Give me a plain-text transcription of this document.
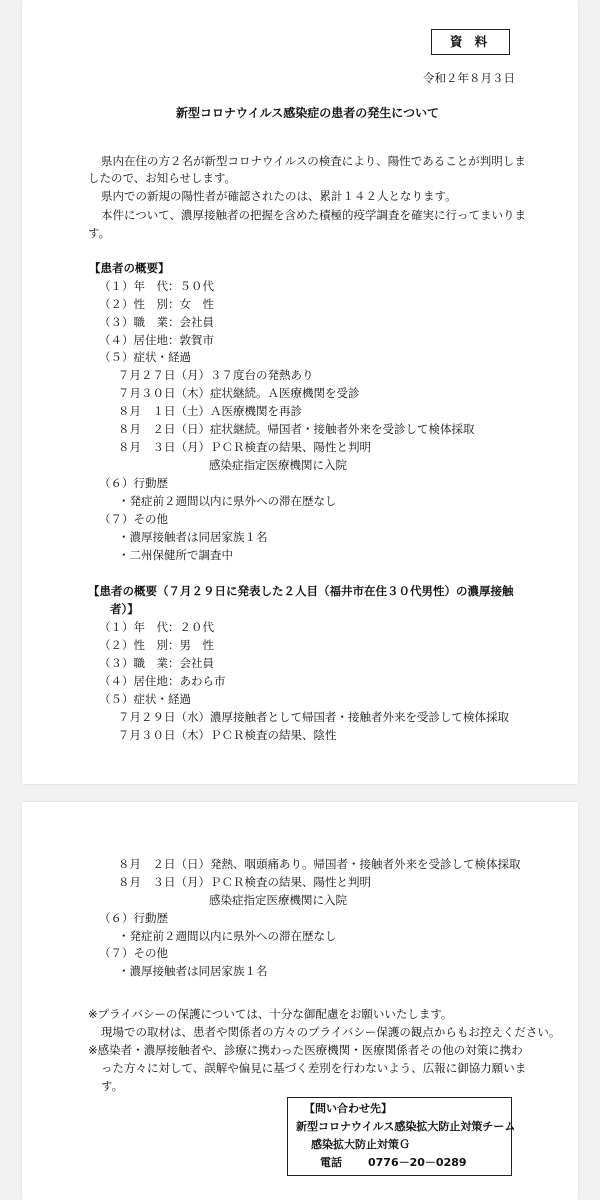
資 料
令和２年８月３日
新型コロナウイルス感染症の患者の発生について
県内在住の方２名が新型コロナウイルスの検査により、陽性であることが判明しま
したので、お知らせします。
県内での新規の陽性者が確認されたのは、累計１４２人となります。
本件について、濃厚接触者の把握を含めた積極的疫学調査を確実に行ってまいりま
す。
【患者の概要】
（１）年　代：５０代
（２）性　別：女　性
（３）職　業：会社員
（４）居住地：敦賀市
（５）症状・経過
７月２７日（月）３７度台の発熱あり
７月３０日（木）症状継続。Ａ医療機関を受診
８月　１日（土）Ａ医療機関を再診
８月　２日（日）症状継続。帰国者・接触者外来を受診して検体採取
８月　３日（月）ＰＣＲ検査の結果、陽性と判明
感染症指定医療機関に入院
（６）行動歴
・発症前２週間以内に県外への滞在歴なし
（７）その他
・濃厚接触者は同居家族１名
・二州保健所で調査中
【患者の概要（７月２９日に発表した２人目（福井市在住３０代男性）の濃厚接触
者）】
（１）年　代：２０代
（２）性　別：男　性
（３）職　業：会社員
（４）居住地：あわら市
（５）症状・経過
７月２９日（水）濃厚接触者として帰国者・接触者外来を受診して検体採取
７月３０日（木）ＰＣＲ検査の結果、陰性
８月　２日（日）発熱、咽頭痛あり。帰国者・接触者外来を受診して検体採取
８月　３日（月）ＰＣＲ検査の結果、陽性と判明
感染症指定医療機関に入院
（６）行動歴
・発症前２週間以内に県外への滞在歴なし
（７）その他
・濃厚接触者は同居家族１名
※プライバシーの保護については、十分な御配慮をお願いいたします。
現場での取材は、患者や関係者の方々のプライバシー保護の観点からもお控えください。
※感染者・濃厚接触者や、診療に携わった医療機関・医療関係者その他の対策に携わ
った方々に対して、誤解や偏見に基づく差別を行わないよう、広報に御協力願いま
す。
【問い合わせ先】
新型コロナウイルス感染拡大防止対策チーム
感染拡大防止対策Ｇ
電話 0776－20－0289
